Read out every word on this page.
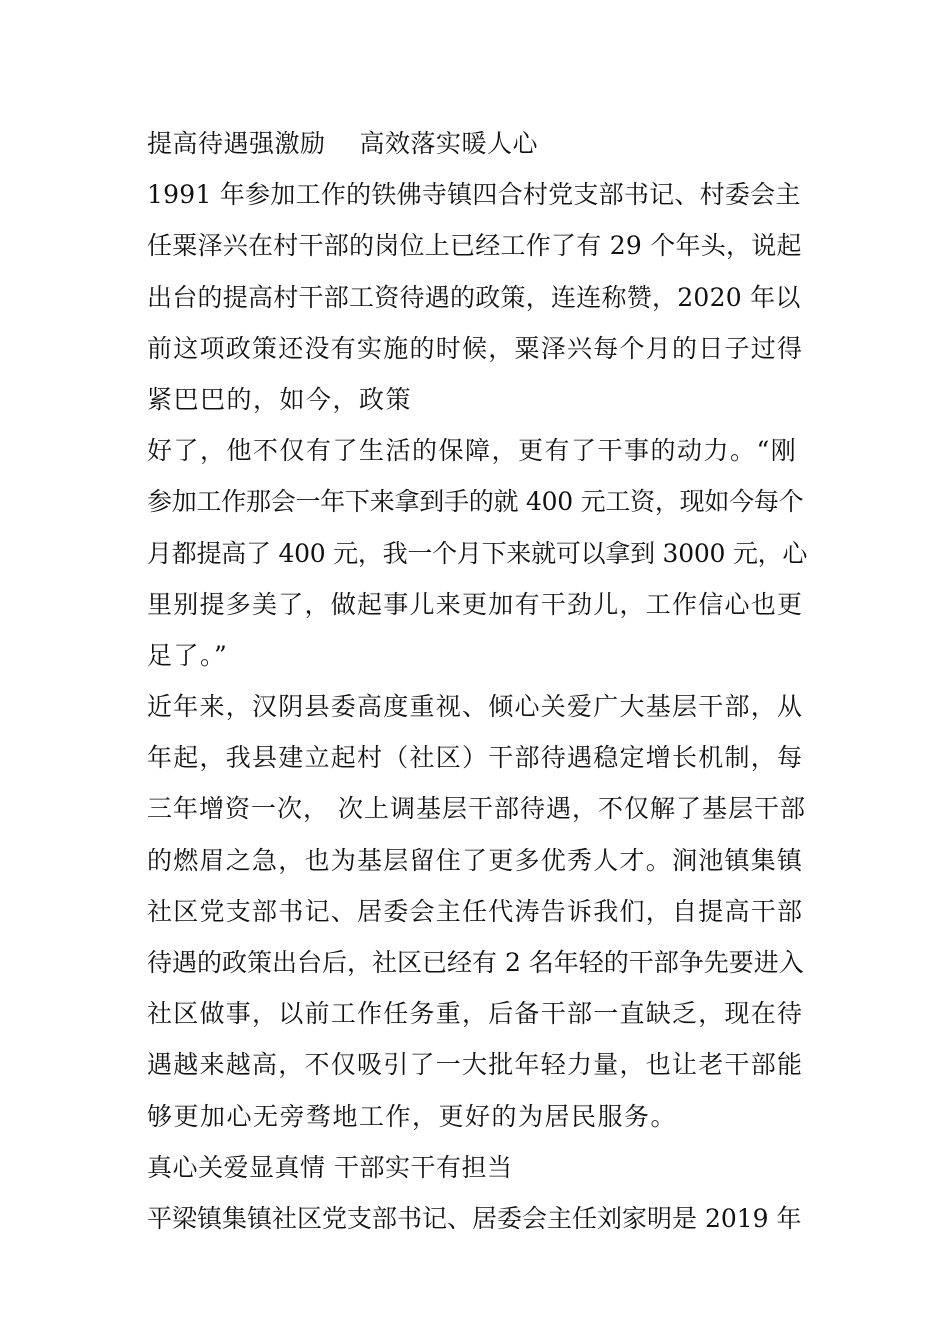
提高待遇强激励　 高效落实暖人心
1991 年参加工作的铁佛寺镇四合村党支部书记、村委会主
任粟泽兴在村干部的岗位上已经工作了有 29 个年头，说起
出台的提高村干部工资待遇的政策，连连称赞，2020 年以
前这项政策还没有实施的时候，粟泽兴每个月的日子过得
紧巴巴的，如今，政策
好了，他不仅有了生活的保障，更有了干事的动力。“刚
参加工作那会一年下来拿到手的就 400 元工资，现如今每个
月都提高了 400 元，我一个月下来就可以拿到 3000 元，心
里别提多美了，做起事儿来更加有干劲儿，工作信心也更
足了。”
近年来，汉阴县委高度重视、倾心关爱广大基层干部，从
年起，我县建立起村（社区）干部待遇稳定增长机制，每
三年增资一次， 次上调基层干部待遇，不仅解了基层干部
的燃眉之急，也为基层留住了更多优秀人才。涧池镇集镇
社区党支部书记、居委会主任代涛告诉我们，自提高干部
待遇的政策出台后，社区已经有 2 名年轻的干部争先要进入
社区做事，以前工作任务重，后备干部一直缺乏，现在待
遇越来越高，不仅吸引了一大批年轻力量，也让老干部能
够更加心无旁骛地工作，更好的为居民服务。
真心关爱显真情 干部实干有担当
平梁镇集镇社区党支部书记、居委会主任刘家明是 2019 年
